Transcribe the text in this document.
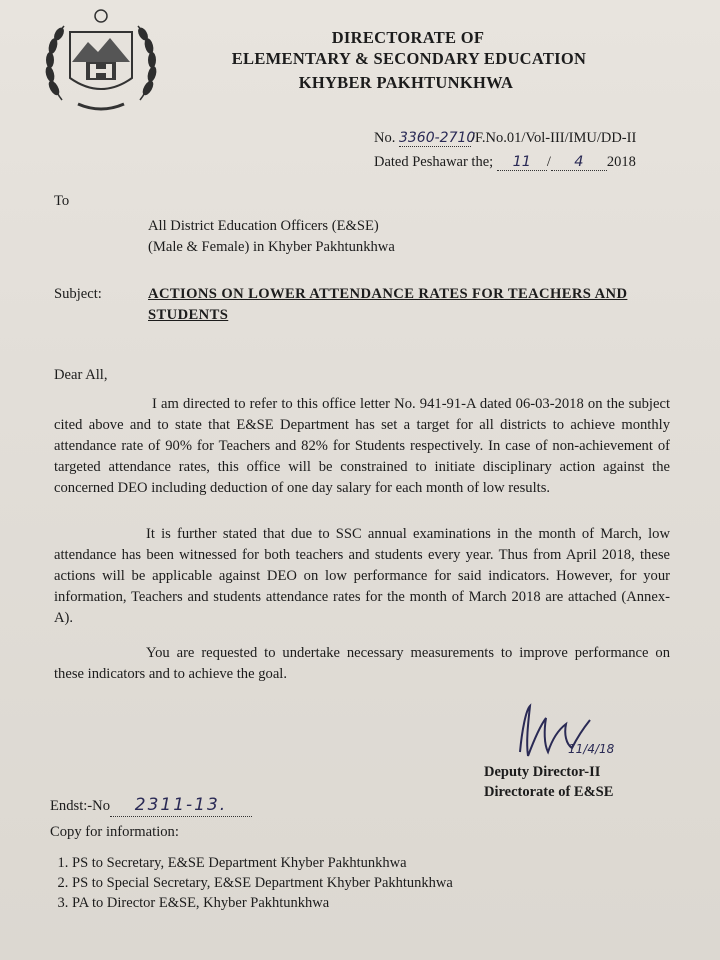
DIRECTORATE OF
ELEMENTARY & SECONDARY EDUCATION
KHYBER PAKHTUNKHWA
No. 3360-2710/F.No.01/Vol-III/IMU/DD-II
Dated Peshawar the; 11 / 4 2018
To
All District Education Officers (E&SE)
(Male & Female) in Khyber Pakhtunkhwa
Subject:	ACTIONS ON LOWER ATTENDANCE RATES FOR TEACHERS AND
STUDENTS
Dear All,
I am directed to refer to this office letter No. 941-91-A dated 06-03-2018 on the subject cited above and to state that E&SE Department has set a target for all districts to achieve monthly attendance rate of 90% for Teachers and 82% for Students respectively. In case of non-achievement of targeted attendance rates, this office will be constrained to initiate disciplinary action against the concerned DEO including deduction of one day salary for each month of low results.
It is further stated that due to SSC annual examinations in the month of March, low attendance has been witnessed for both teachers and students every year. Thus from April 2018, these actions will be applicable against DEO on low performance for said indicators. However, for your information, Teachers and students attendance rates for the month of March 2018 are attached (Annex-A).
You are requested to undertake necessary measurements to improve performance on these indicators and to achieve the goal.
11/4/18
Deputy Director-II
Directorate of E&SE
Endst:-No 2311-13.
Copy for information:
1. PS to Secretary, E&SE Department Khyber Pakhtunkhwa
2. PS to Special Secretary, E&SE Department Khyber Pakhtunkhwa
3. PA to Director E&SE, Khyber Pakhtunkhwa
